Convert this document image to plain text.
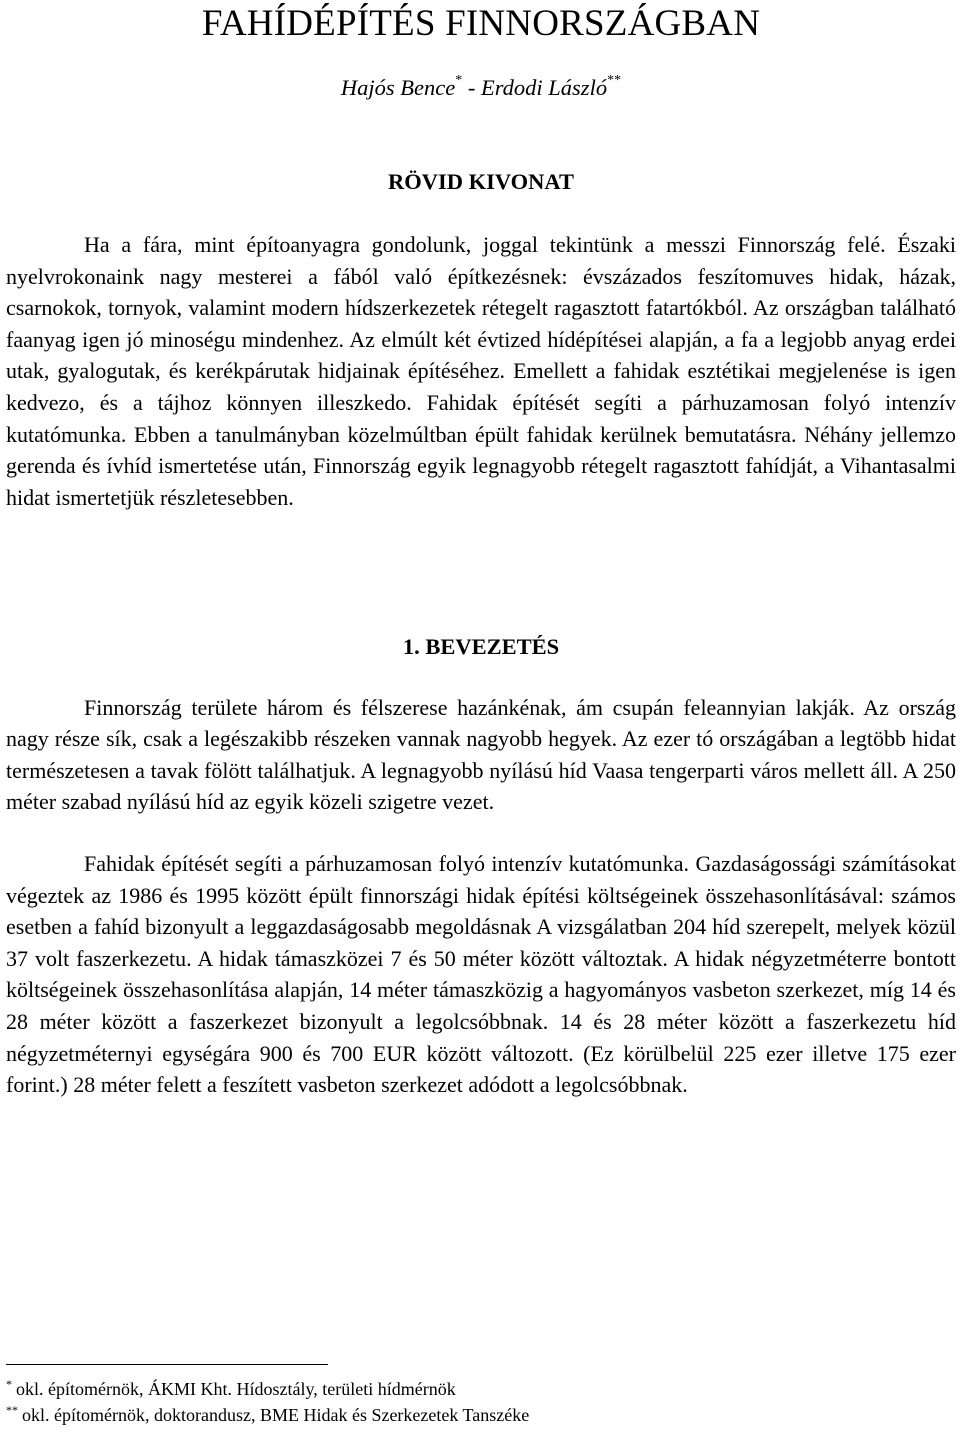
FAHÍDÉPÍTÉS FINNORSZÁGBAN
Hajós Bence* - Erdodi László**
RÖVID KIVONAT

Ha a fára, mint építoanyagra gondolunk, joggal tekintünk a messzi Finnország felé. Északi nyelvrokonaink nagy mesterei a fából való építkezésnek: évszázados feszítomuves hidak, házak, csarnokok, tornyok, valamint modern hídszerkezetek rétegelt ragasztott fatartókból. Az országban található faanyag igen jó minoségu mindenhez. Az elmúlt két évtized hídépítései alapján, a fa a legjobb anyag erdei utak, gyalogutak, és kerékpárutak hidjainak építéséhez. Emellett a fahidak esztétikai megjelenése is igen kedvezo, és a tájhoz könnyen illeszkedo. Fahidak építését segíti a párhuzamosan folyó intenzív kutatómunka. Ebben a tanulmányban közelmúltban épült fahidak kerülnek bemutatásra. Néhány jellemzo gerenda és ívhíd ismertetése után, Finnország egyik legnagyobb rétegelt ragasztott fahídját, a Vihantasalmi hidat ismertetjük részletesebben.

1. BEVEZETÉS

Finnország területe három és félszerese hazánkénak, ám csupán feleannyian lakják. Az ország nagy része sík, csak a legészakibb részeken vannak nagyobb hegyek. Az ezer tó országában a legtöbb hidat természetesen a tavak fölött találhatjuk. A legnagyobb nyílású híd Vaasa tengerparti város mellett áll. A 250 méter szabad nyílású híd az egyik közeli szigetre vezet.

Fahidak építését segíti a párhuzamosan folyó intenzív kutatómunka. Gazdaságossági számításokat végeztek az 1986 és 1995 között épült finnországi hidak építési költségeinek összehasonlításával: számos esetben a fahíd bizonyult a leggazdaságosabb megoldásnak A vizsgálatban 204 híd szerepelt, melyek közül 37 volt faszerkezetu. A hidak támaszközei 7 és 50 méter között változtak. A hidak négyzetméterre bontott költségeinek összehasonlítása alapján, 14 méter támaszközig a hagyományos vasbeton szerkezet, míg 14 és 28 méter között a faszerkezet bizonyult a legolcsóbbnak. 14 és 28 méter között a faszerkezetu híd négyzetméternyi egységára 900 és 700 EUR között változott. (Ez körülbelül 225 ezer illetve 175 ezer forint.) 28 méter felett a feszített vasbeton szerkezet adódott a legolcsóbbnak.

* okl. építomérnök, ÁKMI Kht. Hídosztály, területi hídmérnök

** okl. építomérnök, doktorandusz, BME Hidak és Szerkezetek Tanszéke
